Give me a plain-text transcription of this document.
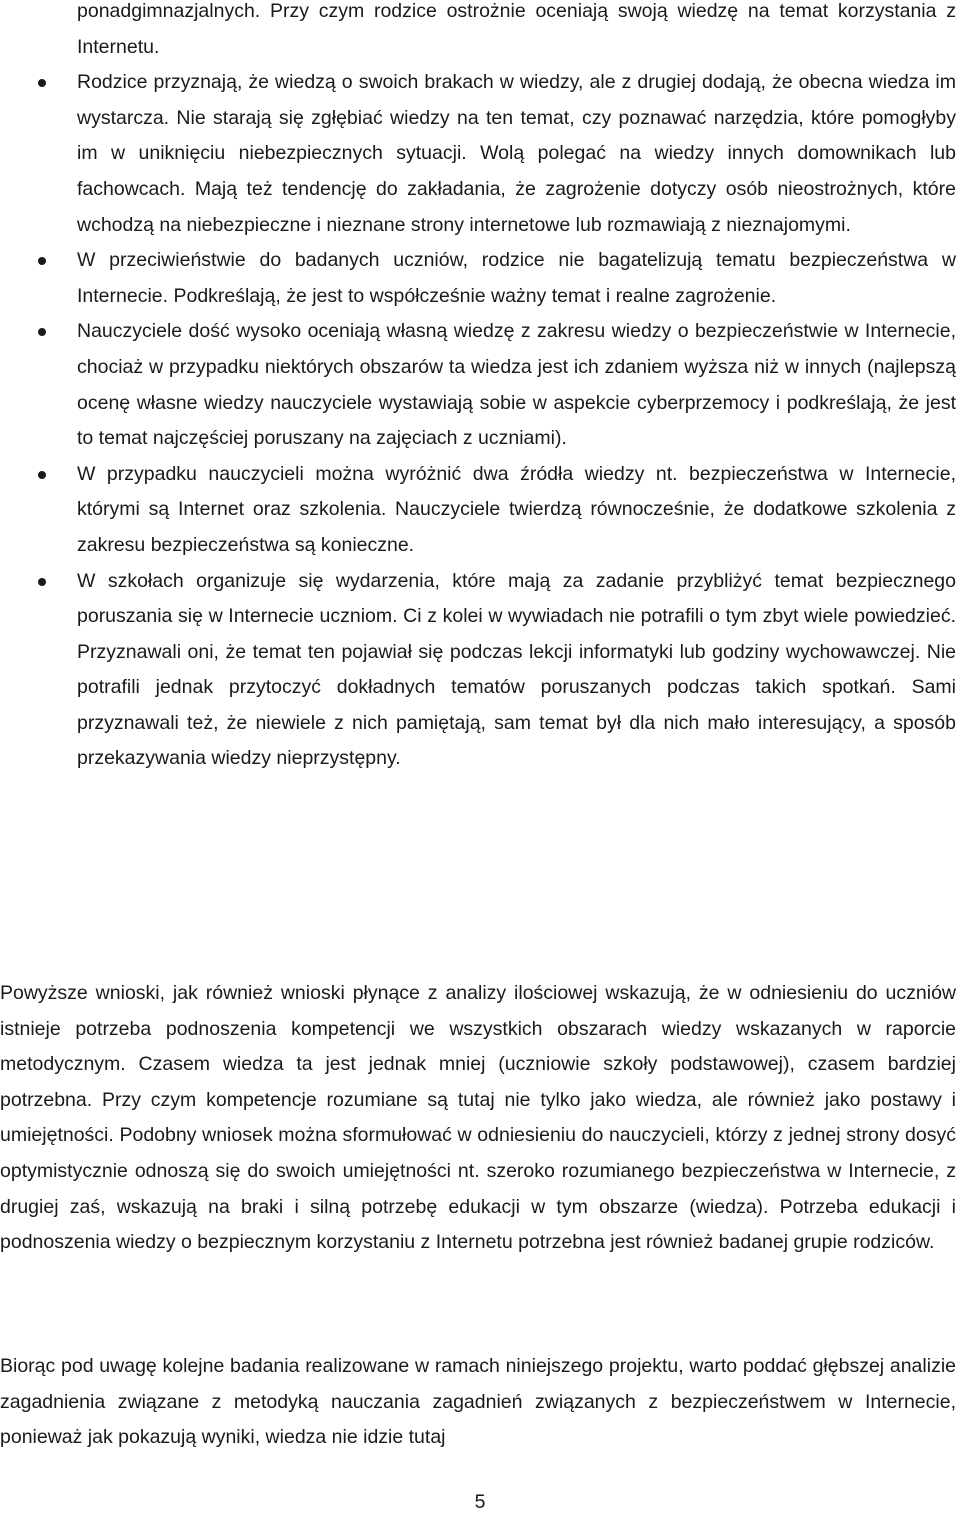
ponadgimnazjalnych. Przy czym rodzice ostrożnie oceniają swoją wiedzę na temat korzystania z Internetu.
Rodzice przyznają, że wiedzą o swoich brakach w wiedzy, ale z drugiej dodają, że obecna wiedza im wystarcza. Nie starają się zgłębiać wiedzy na ten temat, czy poznawać narzędzia, które pomogłyby im w uniknięciu niebezpiecznych sytuacji. Wolą polegać na wiedzy innych domownikach lub fachowcach. Mają też tendencję do zakładania, że zagrożenie dotyczy osób nieostrożnych, które wchodzą na niebezpieczne i nieznane strony internetowe lub rozmawiają z nieznajomymi.
W przeciwieństwie do badanych uczniów, rodzice nie bagatelizują tematu bezpieczeństwa w Internecie. Podkreślają, że jest to współcześnie ważny temat i realne zagrożenie.
Nauczyciele dość wysoko oceniają własną wiedzę z zakresu wiedzy o bezpieczeństwie w Internecie, chociaż w przypadku niektórych obszarów ta wiedza jest ich zdaniem wyższa niż w innych (najlepszą ocenę własne wiedzy nauczyciele wystawiają sobie w aspekcie cyberprzemocy i podkreślają, że jest to temat najczęściej poruszany na zajęciach z uczniami).
W przypadku nauczycieli można wyróżnić dwa źródła wiedzy nt. bezpieczeństwa w Internecie, którymi są Internet oraz szkolenia. Nauczyciele twierdzą równocześnie, że dodatkowe szkolenia z zakresu bezpieczeństwa są konieczne.
W szkołach organizuje się wydarzenia, które mają za zadanie przybliżyć temat bezpiecznego poruszania się w Internecie uczniom. Ci z kolei w wywiadach nie potrafili o tym zbyt wiele powiedzieć. Przyznawali oni, że temat ten pojawiał się podczas lekcji informatyki lub godziny wychowawczej. Nie potrafili jednak przytoczyć dokładnych tematów poruszanych podczas takich spotkań. Sami przyznawali też, że niewiele z nich pamiętają, sam temat był dla nich mało interesujący, a sposób przekazywania wiedzy nieprzystępny.

Powyższe wnioski, jak również wnioski płynące z analizy ilościowej wskazują, że w odniesieniu do uczniów istnieje potrzeba podnoszenia kompetencji we wszystkich obszarach wiedzy wskazanych w raporcie metodycznym. Czasem wiedza ta jest jednak mniej (uczniowie szkoły podstawowej), czasem bardziej potrzebna. Przy czym kompetencje rozumiane są tutaj nie tylko jako wiedza, ale również jako postawy i umiejętności. Podobny wniosek można sformułować w odniesieniu do nauczycieli, którzy z jednej strony dosyć optymistycznie odnoszą się do swoich umiejętności nt. szeroko rozumianego bezpieczeństwa w Internecie, z drugiej zaś, wskazują na braki i silną potrzebę edukacji w tym obszarze (wiedza). Potrzeba edukacji i podnoszenia wiedzy o bezpiecznym korzystaniu z Internetu potrzebna jest również badanej grupie rodziców.

Biorąc pod uwagę kolejne badania realizowane w ramach niniejszego projektu, warto poddać głębszej analizie zagadnienia związane z metodyką nauczania zagadnień związanych z bezpieczeństwem w Internecie, ponieważ jak pokazują wyniki, wiedza nie idzie tutaj

5
